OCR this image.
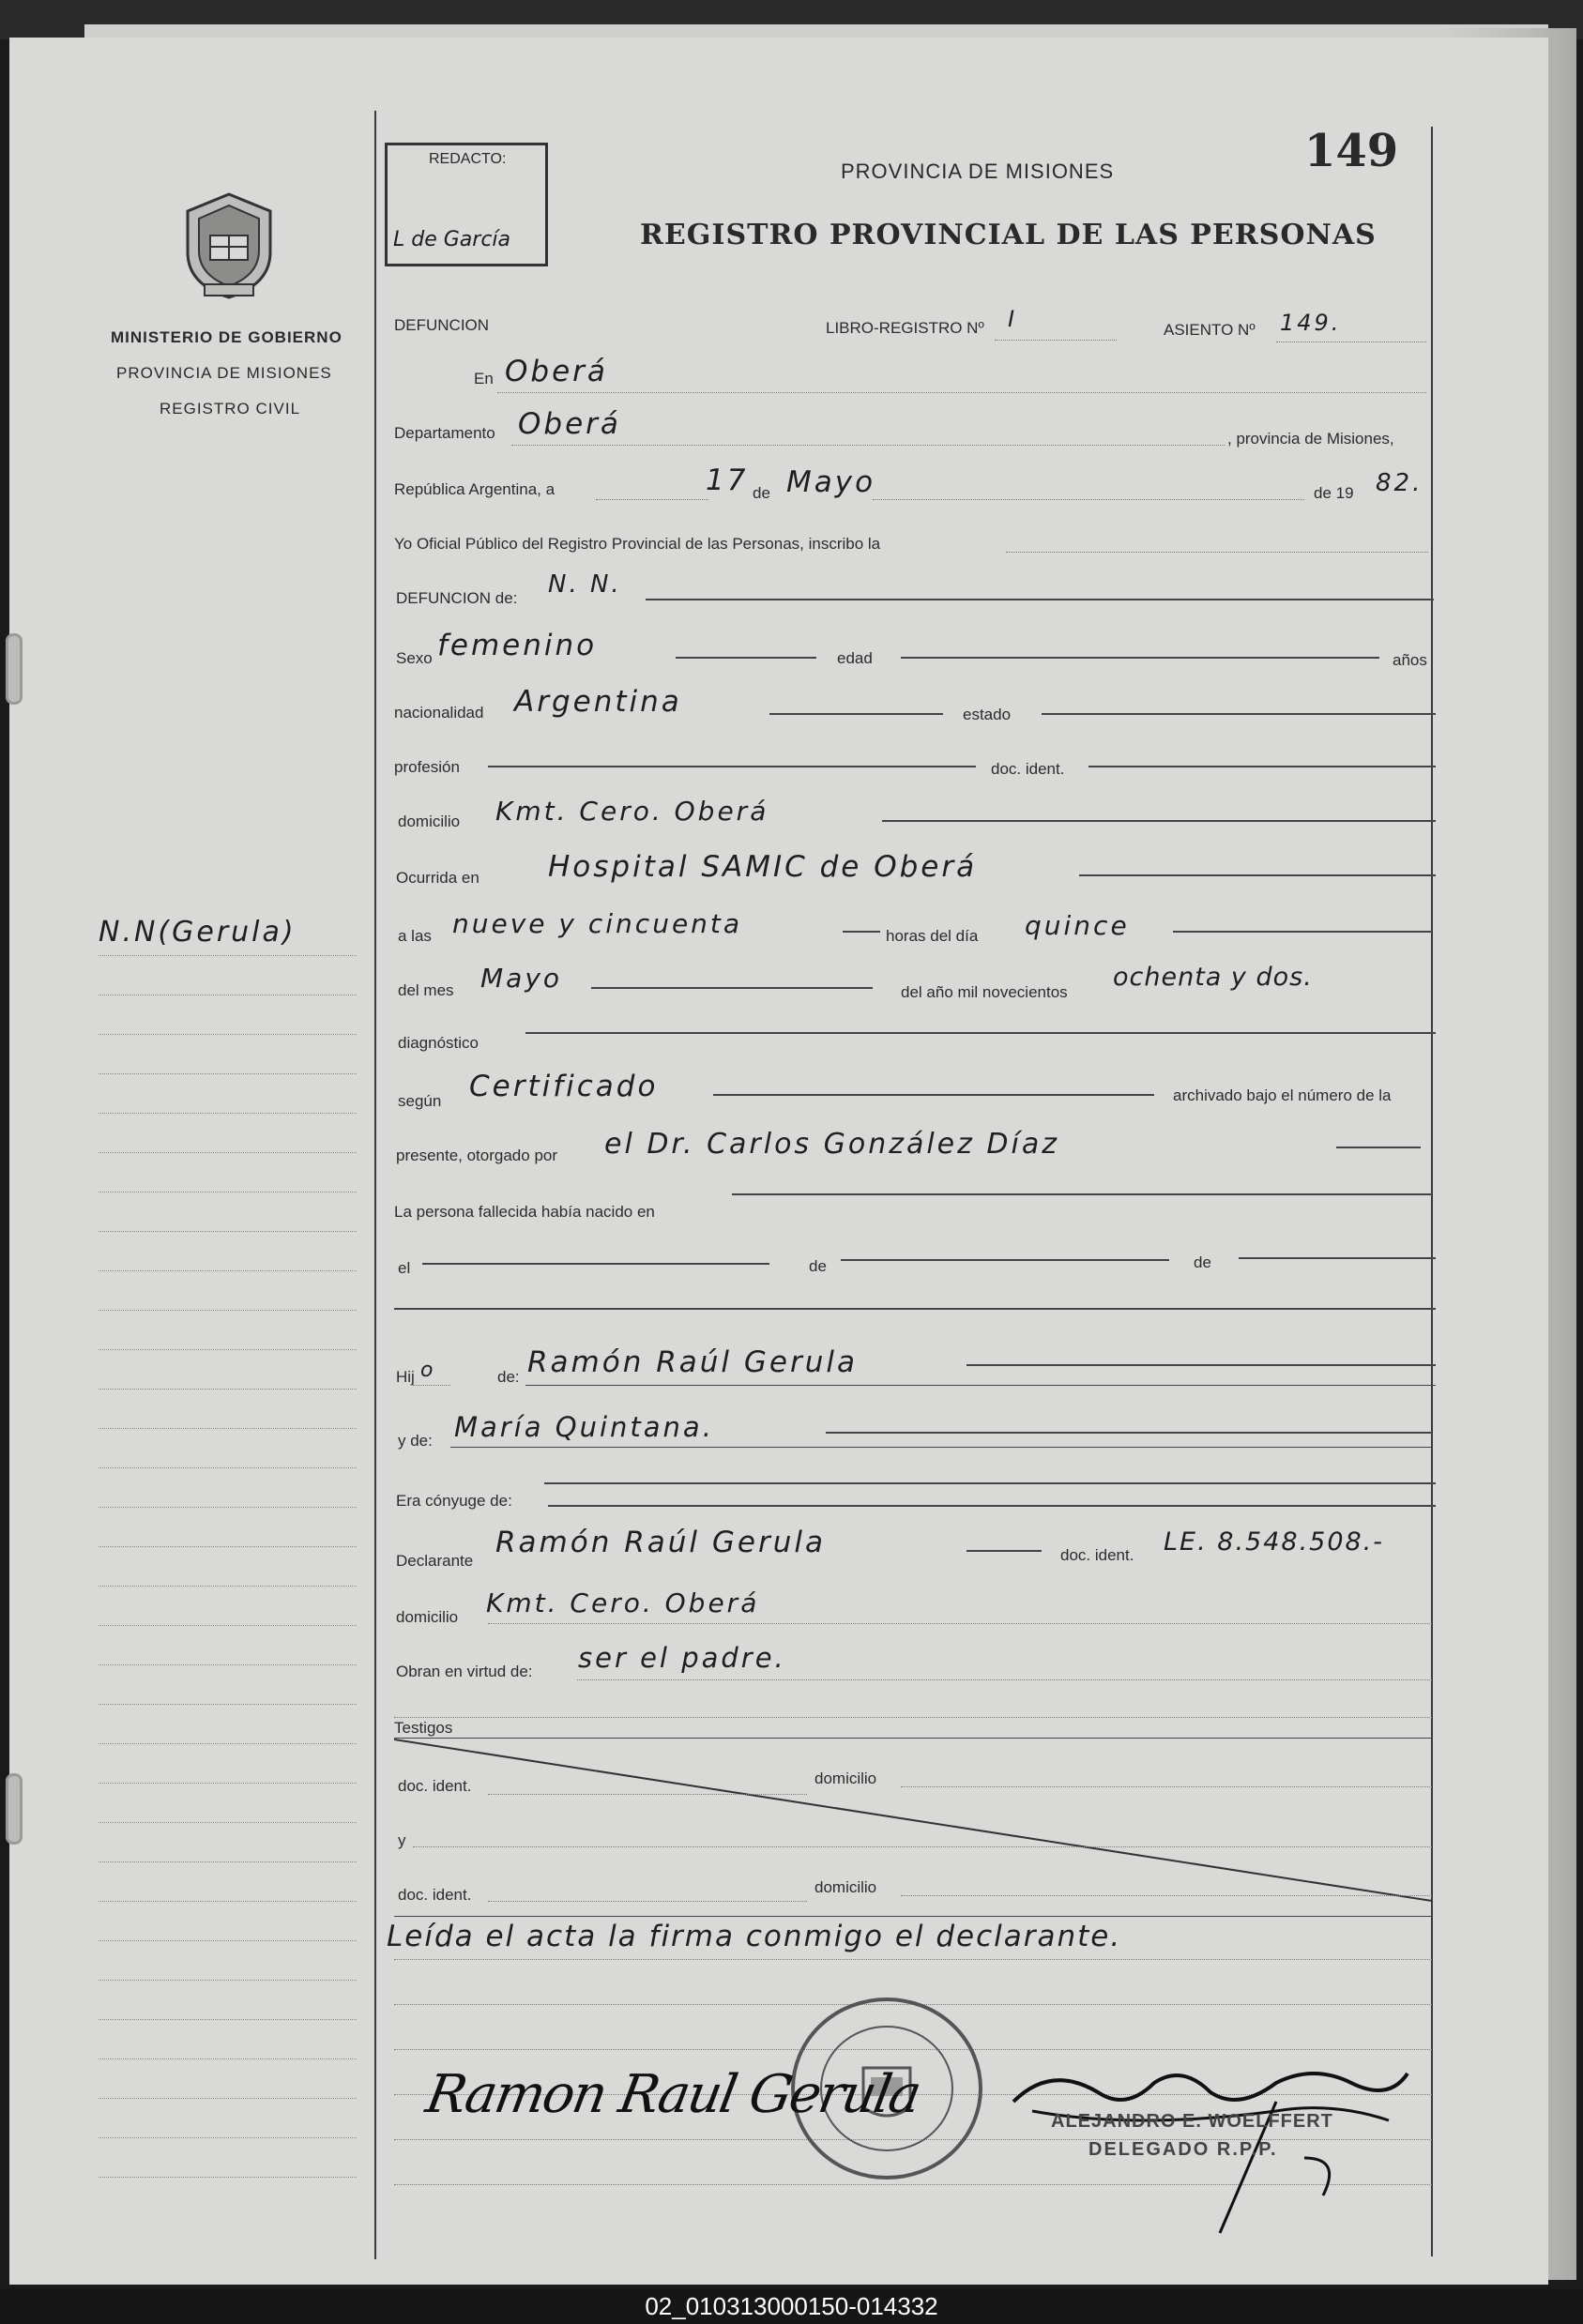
MINISTERIO DE GOBIERNO
PROVINCIA DE MISIONES
REGISTRO CIVIL
N.N(Gerula)
REDACTO:
L de García
PROVINCIA DE MISIONES
REGISTRO PROVINCIAL DE LAS PERSONAS
149
DEFUNCION	LIBRO-REGISTRO Nº I	ASIENTO Nº 149.
En Oberá
Departamento Oberá	, provincia de Misiones,
República Argentina, a	17 de Mayo	de 19 82.
Yo Oficial Público del Registro Provincial de las Personas, inscribo la
DEFUNCION de: N. N.
Sexo femenino	edad	años
nacionalidad Argentina	estado
profesión	doc. ident.
domicilio Kmt. Cero. Oberá
Ocurrida en Hospital SAMIC de Oberá
a las nueve y cincuenta	horas del día quince
del mes Mayo	del año mil novecientos
ochenta y dos.
diagnóstico
según Certificado	archivado bajo el número de la
presente, otorgado por el Dr. Carlos González Díaz
La persona fallecida había nacido en
el	de	de
Hij o	de: Ramón Raúl Gerula
y de: María Quintana.
Era cónyuge de:
Declarante
Ramón Raúl Gerula	doc. ident. LE. 8.548.508.-
domicilio Kmt. Cero. Oberá
Obran en virtud de: ser el padre.
Testigos
doc. ident.	domicilio
y
doc. ident.	domicilio
Leída el acta la firma conmigo el declarante.
Ramon Raul Gerula	ALEJANDRO E. WOELFFERT
DELEGADO R.P.P.
02_010313000150-014332
